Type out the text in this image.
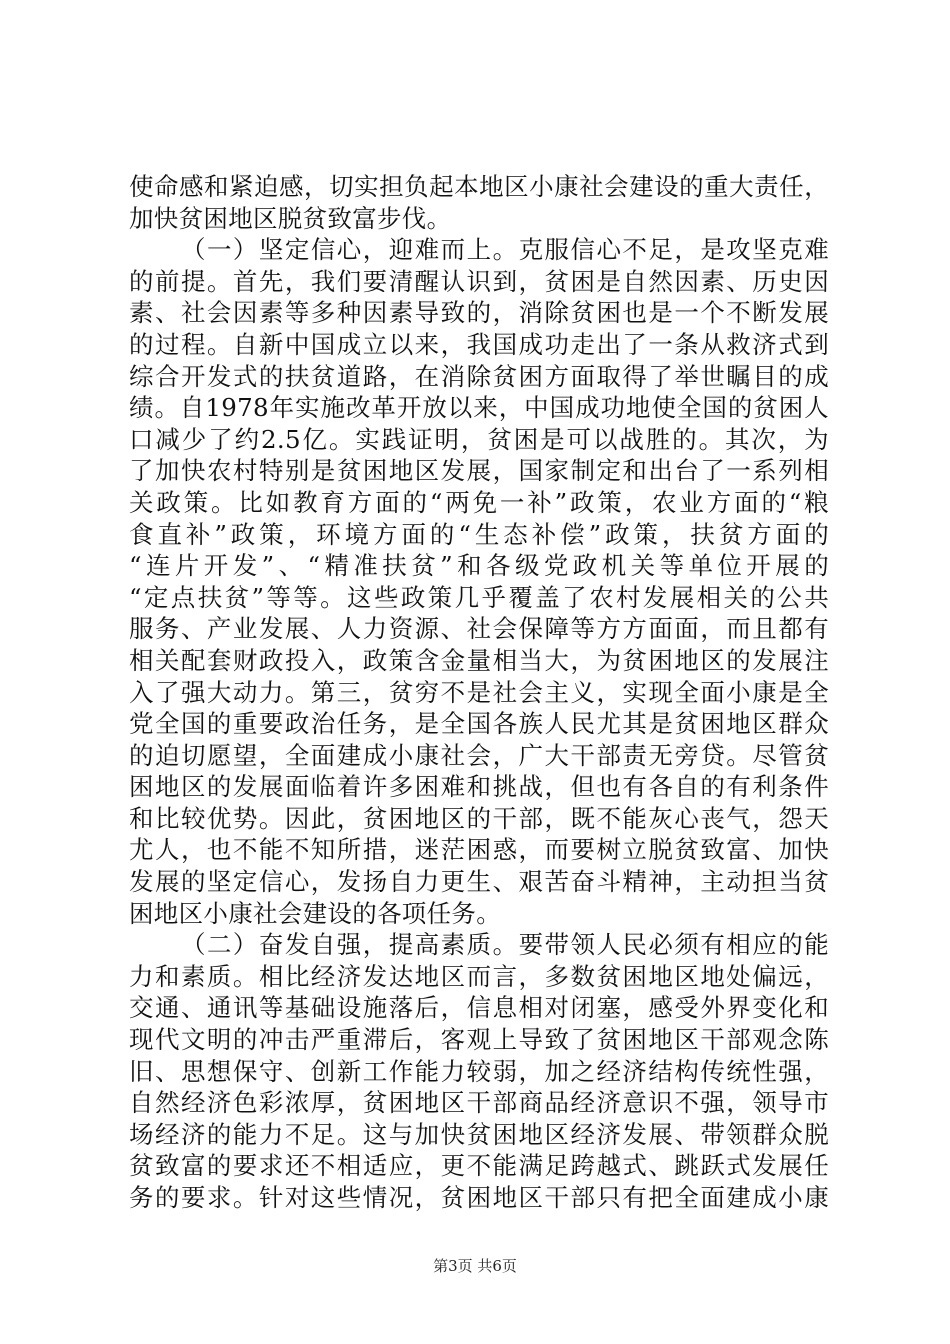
使命感和紧迫感，切实担负起本地区小康社会建设的重大责任，
加快贫困地区脱贫致富步伐。
（一）坚定信心，迎难而上。克服信心不足，是攻坚克难
的前提。首先，我们要清醒认识到，贫困是自然因素、历史因
素、社会因素等多种因素导致的，消除贫困也是一个不断发展
的过程。自新中国成立以来，我国成功走出了一条从救济式到
综合开发式的扶贫道路，在消除贫困方面取得了举世瞩目的成
绩。自1978年实施改革开放以来，中国成功地使全国的贫困人
口减少了约2.5亿。实践证明，贫困是可以战胜的。其次，为
了加快农村特别是贫困地区发展，国家制定和出台了一系列相
关政策。比如教育方面的“两免一补”政策，农业方面的“粮
食直补”政策，环境方面的“生态补偿”政策，扶贫方面的
“连片开发”、“精准扶贫”和各级党政机关等单位开展的
“定点扶贫”等等。这些政策几乎覆盖了农村发展相关的公共
服务、产业发展、人力资源、社会保障等方方面面，而且都有
相关配套财政投入，政策含金量相当大，为贫困地区的发展注
入了强大动力。第三，贫穷不是社会主义，实现全面小康是全
党全国的重要政治任务，是全国各族人民尤其是贫困地区群众
的迫切愿望，全面建成小康社会，广大干部责无旁贷。尽管贫
困地区的发展面临着许多困难和挑战，但也有各自的有利条件
和比较优势。因此，贫困地区的干部，既不能灰心丧气，怨天
尤人，也不能不知所措，迷茫困惑，而要树立脱贫致富、加快
发展的坚定信心，发扬自力更生、艰苦奋斗精神，主动担当贫
困地区小康社会建设的各项任务。
（二）奋发自强，提高素质。要带领人民必须有相应的能
力和素质。相比经济发达地区而言，多数贫困地区地处偏远，
交通、通讯等基础设施落后，信息相对闭塞，感受外界变化和
现代文明的冲击严重滞后，客观上导致了贫困地区干部观念陈
旧、思想保守、创新工作能力较弱，加之经济结构传统性强，
自然经济色彩浓厚，贫困地区干部商品经济意识不强，领导市
场经济的能力不足。这与加快贫困地区经济发展、带领群众脱
贫致富的要求还不相适应，更不能满足跨越式、跳跃式发展任
务的要求。针对这些情况，贫困地区干部只有把全面建成小康
第3页 共6页
